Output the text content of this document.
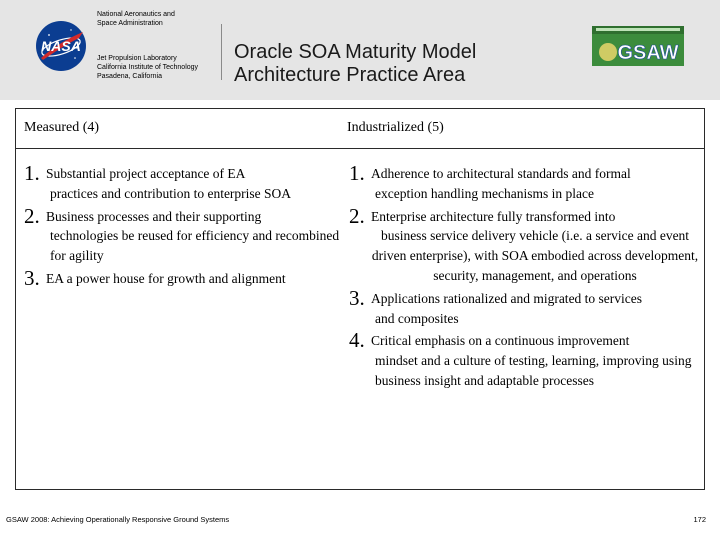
NASA
National Aeronautics and
Space Administration
Jet Propulsion Laboratory
California Institute of Technology
Pasadena, California
Oracle SOA Maturity Model
Architecture Practice Area
GSAW
Measured (4)	Industrialized (5)
1. Substantial project acceptance of EA
practices and contribution to enterprise SOA
2. Business processes and their supporting
technologies be reused for efficiency and recombined for agility
3. EA a power house for growth and alignment
1. Adherence to architectural standards and formal
exception handling mechanisms in place
2. Enterprise architecture fully transformed into
business service delivery vehicle (i.e. a service and event driven enterprise), with SOA embodied across development, security, management, and operations
3. Applications rationalized and migrated to services
and composites
4. Critical emphasis on a continuous improvement
mindset and a culture of testing, learning, improving using business insight and adaptable processes
GSAW 2008: Achieving Operationally Responsive Ground Systems	172
